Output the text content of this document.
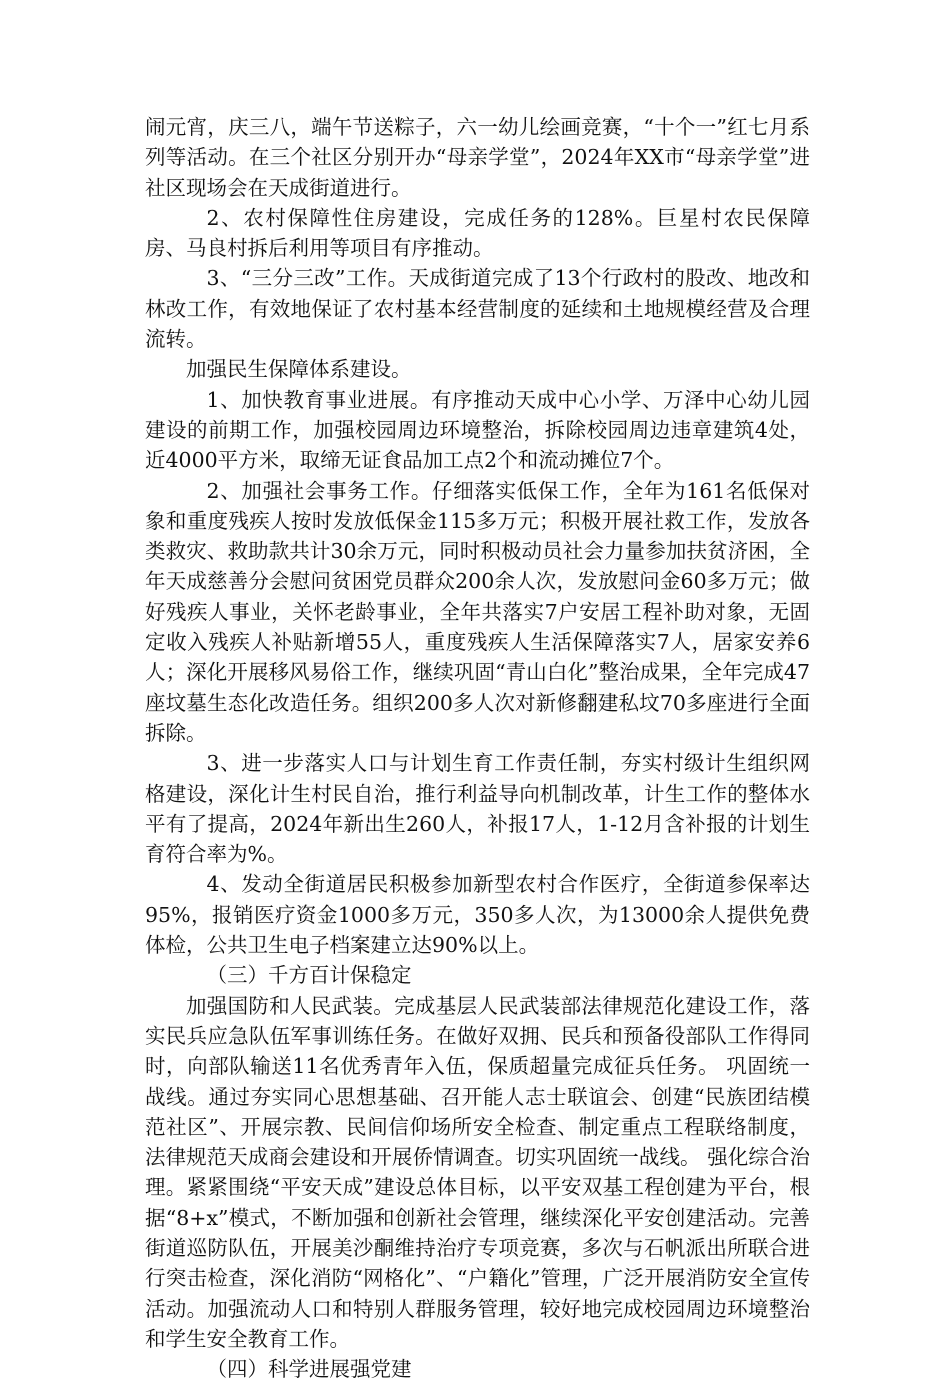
闹元宵，庆三八，端午节送粽子，六一幼儿绘画竞赛，“十个一”红七月系列等活动。在三个社区分别开办“母亲学堂”，2024年XX市“母亲学堂”进社区现场会在天成街道进行。

2、农村保障性住房建设，完成任务的128%。巨星村农民保障房、马良村拆后利用等项目有序推动。

3、“三分三改”工作。天成街道完成了13个行政村的股改、地改和林改工作，有效地保证了农村基本经营制度的延续和土地规模经营及合理流转。

加强民生保障体系建设。

1、加快教育事业进展。有序推动天成中心小学、万泽中心幼儿园建设的前期工作，加强校园周边环境整治，拆除校园周边违章建筑4处，近4000平方米，取缔无证食品加工点2个和流动摊位7个。

2、加强社会事务工作。仔细落实低保工作，全年为161名低保对象和重度残疾人按时发放低保金115多万元；积极开展社救工作，发放各类救灾、救助款共计30余万元，同时积极动员社会力量参加扶贫济困，全年天成慈善分会慰问贫困党员群众200余人次，发放慰问金60多万元；做好残疾人事业，关怀老龄事业，全年共落实7户安居工程补助对象，无固定收入残疾人补贴新增55人，重度残疾人生活保障落实7人，居家安养6人；深化开展移风易俗工作，继续巩固“青山白化”整治成果，全年完成47座坟墓生态化改造任务。组织200多人次对新修翻建私坟70多座进行全面拆除。

3、进一步落实人口与计划生育工作责任制，夯实村级计生组织网格建设，深化计生村民自治，推行利益导向机制改革，计生工作的整体水平有了提高，2024年新出生260人，补报17人，1-12月含补报的计划生育符合率为%。

4、发动全街道居民积极参加新型农村合作医疗，全街道参保率达95%，报销医疗资金1000多万元，350多人次，为13000余人提供免费体检，公共卫生电子档案建立达90%以上。

（三）千方百计保稳定

加强国防和人民武装。完成基层人民武装部法律规范化建设工作，落实民兵应急队伍军事训练任务。在做好双拥、民兵和预备役部队工作得同时，向部队输送11名优秀青年入伍，保质超量完成征兵任务。 巩固统一战线。通过夯实同心思想基础、召开能人志士联谊会、创建“民族团结模范社区”、开展宗教、民间信仰场所安全检查、制定重点工程联络制度，法律规范天成商会建设和开展侨情调查。切实巩固统一战线。 强化综合治理。紧紧围绕“平安天成”建设总体目标，以平安双基工程创建为平台，根据“8+x”模式，不断加强和创新社会管理，继续深化平安创建活动。完善街道巡防队伍，开展美沙酮维持治疗专项竞赛，多次与石帆派出所联合进行突击检查，深化消防“网格化”、“户籍化”管理，广泛开展消防安全宣传活动。加强流动人口和特别人群服务管理，较好地完成校园周边环境整治和学生安全教育工作。

（四）科学进展强党建
